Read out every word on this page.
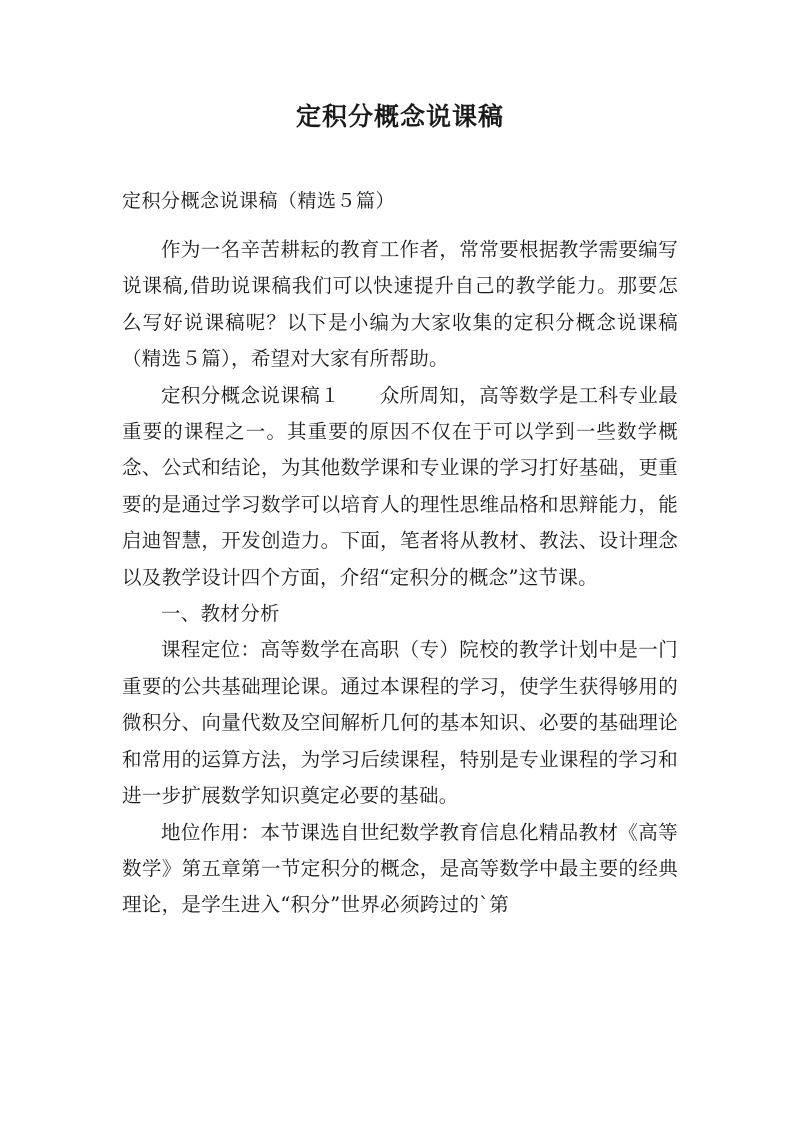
定积分概念说课稿

定积分概念说课稿（精选５篇）

作为一名辛苦耕耘的教育工作者，常常要根据教学需要编写说课稿,借助说课稿我们可以快速提升自己的教学能力。那要怎么写好说课稿呢？以下是小编为大家收集的定积分概念说课稿（精选５篇），希望对大家有所帮助。

定积分概念说课稿１　　众所周知，高等数学是工科专业最重要的课程之一。其重要的原因不仅在于可以学到一些数学概念、公式和结论，为其他数学课和专业课的学习打好基础，更重要的是通过学习数学可以培育人的理性思维品格和思辩能力，能启迪智慧，开发创造力。下面，笔者将从教材、教法、设计理念以及教学设计四个方面，介绍“定积分的概念”这节课。

一、教材分析

课程定位：高等数学在高职（专）院校的教学计划中是一门重要的公共基础理论课。通过本课程的学习，使学生获得够用的微积分、向量代数及空间解析几何的基本知识、必要的基础理论和常用的运算方法，为学习后续课程，特别是专业课程的学习和进一步扩展数学知识奠定必要的基础。

地位作用：本节课选自世纪数学教育信息化精品教材《高等数学》第五章第一节定积分的概念，是高等数学中最主要的经典理论，是学生进入“积分”世界必须跨过的`第
